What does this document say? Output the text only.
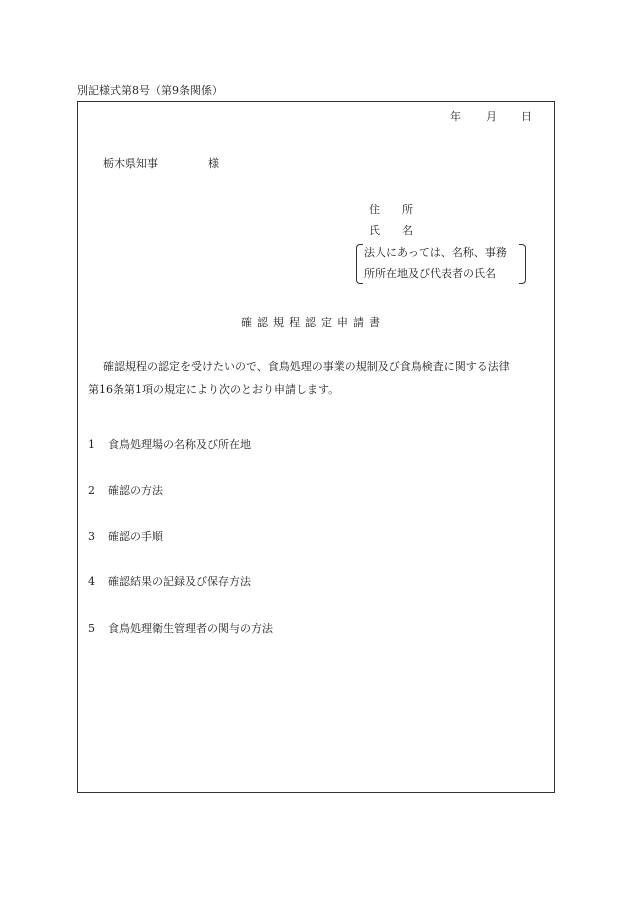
別記様式第8号（第9条関係）
年 月 日
栃木県知事	様
住　　所
氏　　名
法人にあっては、名称、事務
所所在地及び代表者の氏名
確認規程認定申請書
確認規程の認定を受けたいので、食鳥処理の事業の規制及び食鳥検査に関する法律
第16条第1項の規定により次のとおり申請します。
1 食鳥処理場の名称及び所在地
2 確認の方法
3 確認の手順
4 確認結果の記録及び保存方法
5 食鳥処理衛生管理者の関与の方法
